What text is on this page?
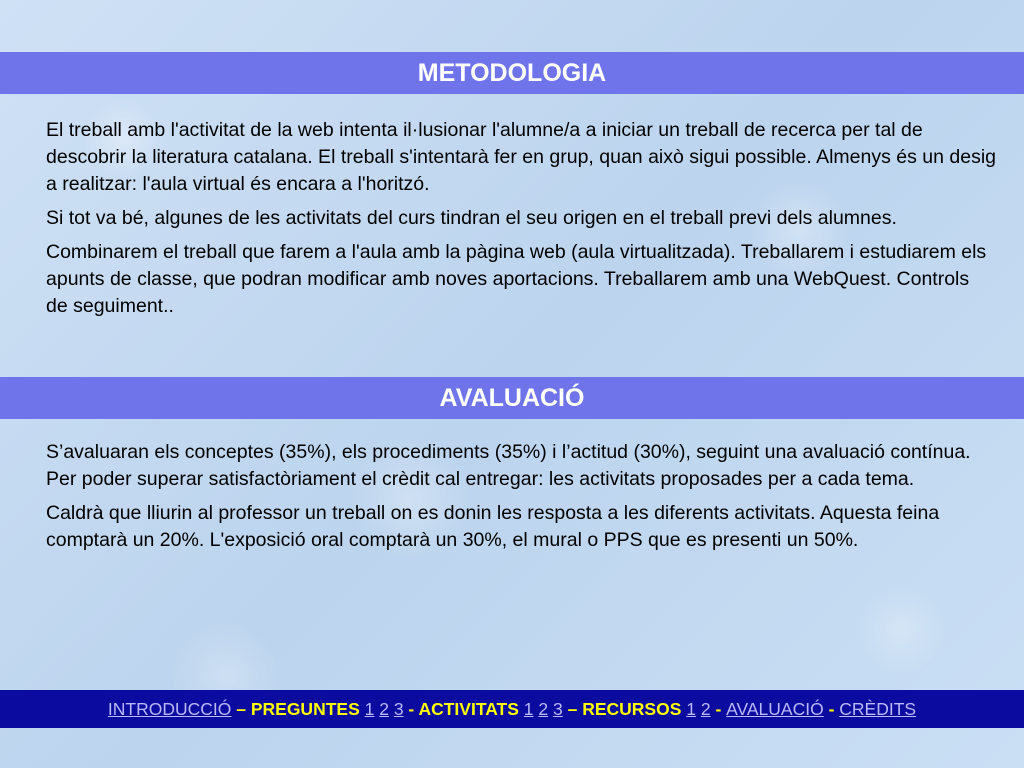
METODOLOGIA

El treball amb l'activitat de la web intenta il·lusionar l'alumne/a a iniciar un treball de recerca per tal de descobrir la literatura catalana. El treball s'intentarà fer en grup, quan això sigui possible. Almenys és un desig a realitzar: l'aula virtual és encara a l'horitzó.

Si tot va bé, algunes de les activitats del curs tindran el seu origen en el treball previ dels alumnes.

Combinarem el treball que farem a l'aula amb la pàgina web (aula virtualitzada). Treballarem i estudiarem els apunts de classe, que podran modificar amb noves aportacions. Treballarem amb una WebQuest. Controls de seguiment..

AVALUACIÓ

S’avaluaran els conceptes (35%), els procediments (35%) i l’actitud (30%), seguint una avaluació contínua. Per poder superar satisfactòriament el crèdit cal entregar: les activitats proposades per a cada tema.

Caldrà que lliurin al professor un treball on es donin les resposta a les diferents activitats. Aquesta feina comptarà un 20%. L'exposició oral comptarà un 30%, el mural o PPS que es presenti un 50%.

INTRODUCCIÓ – PREGUNTES 1 2 3 - ACTIVITATS 1 2 3 – RECURSOS 1 2 - AVALUACIÓ - CRÈDITS
